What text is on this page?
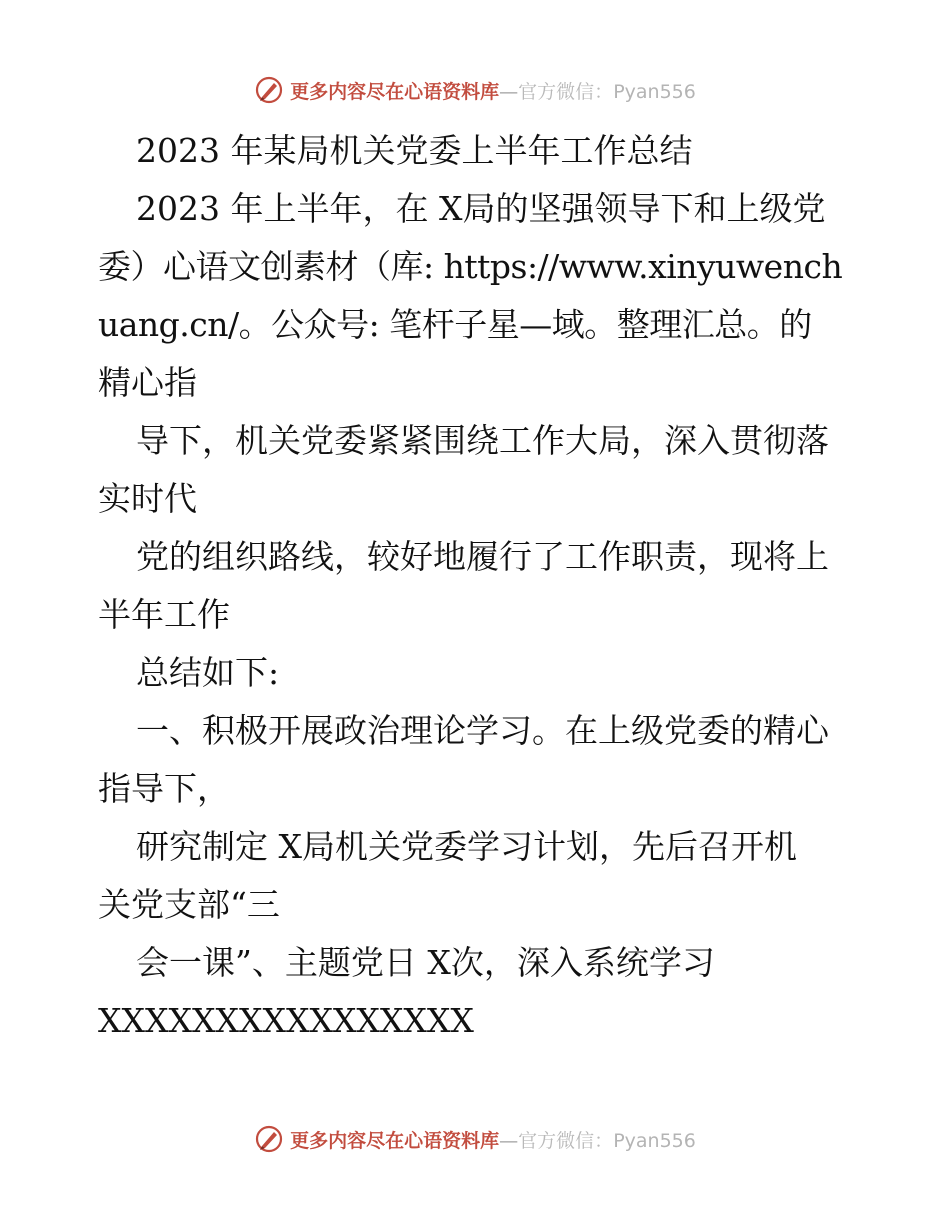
更多内容尽在心语资料库—官方微信：Pyan556
2023 年某局机关党委上半年工作总结
2023 年上半年，在 X局的坚强领导下和上级党
委）心语文创素材（库: https://www.xinyuwench
uang.cn/。公众号: 笔杆子星—域。整理汇总。的
精心指
导下，机关党委紧紧围绕工作大局，深入贯彻落
实时代
党的组织路线，较好地履行了工作职责，现将上
半年工作
总结如下:
一、积极开展政治理论学习。在上级党委的精心
指导下，
研究制定 X局机关党委学习计划，先后召开机
关党支部“三
会一课”、主题党日 X次，深入系统学习
XXXXXXXXXXXXXXXX
更多内容尽在心语资料库—官方微信：Pyan556
